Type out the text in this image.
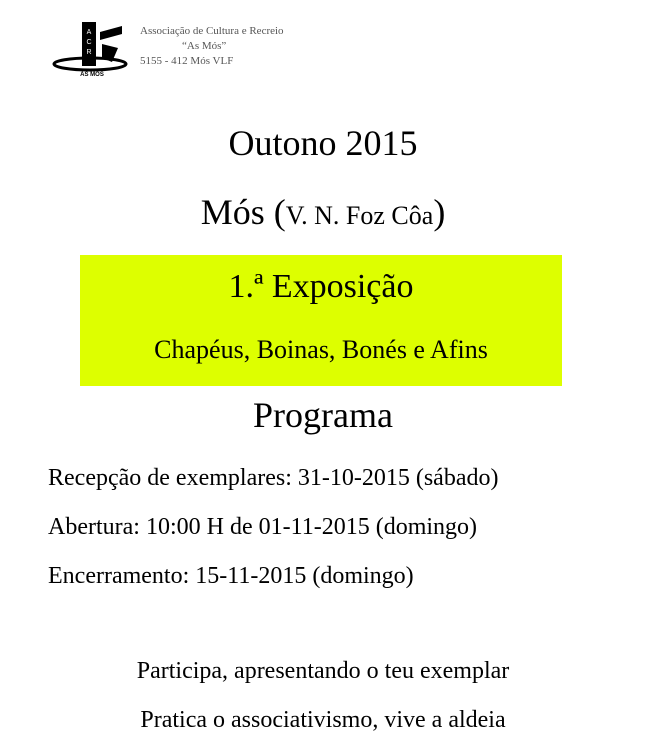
A
C
R
AS MÓS
Associação de Cultura e Recreio
“As Mós”
5155 - 412 Mós VLF
Outono 2015
Mós (V. N. Foz Côa)
1.ª Exposição
Chapéus, Boinas, Bonés e Afins
Programa
Recepção de exemplares: 31-10-2015 (sábado)
Abertura: 10:00 H de 01-11-2015 (domingo)
Encerramento: 15-11-2015 (domingo)
Participa, apresentando o teu exemplar
Pratica o associativismo, vive a aldeia
